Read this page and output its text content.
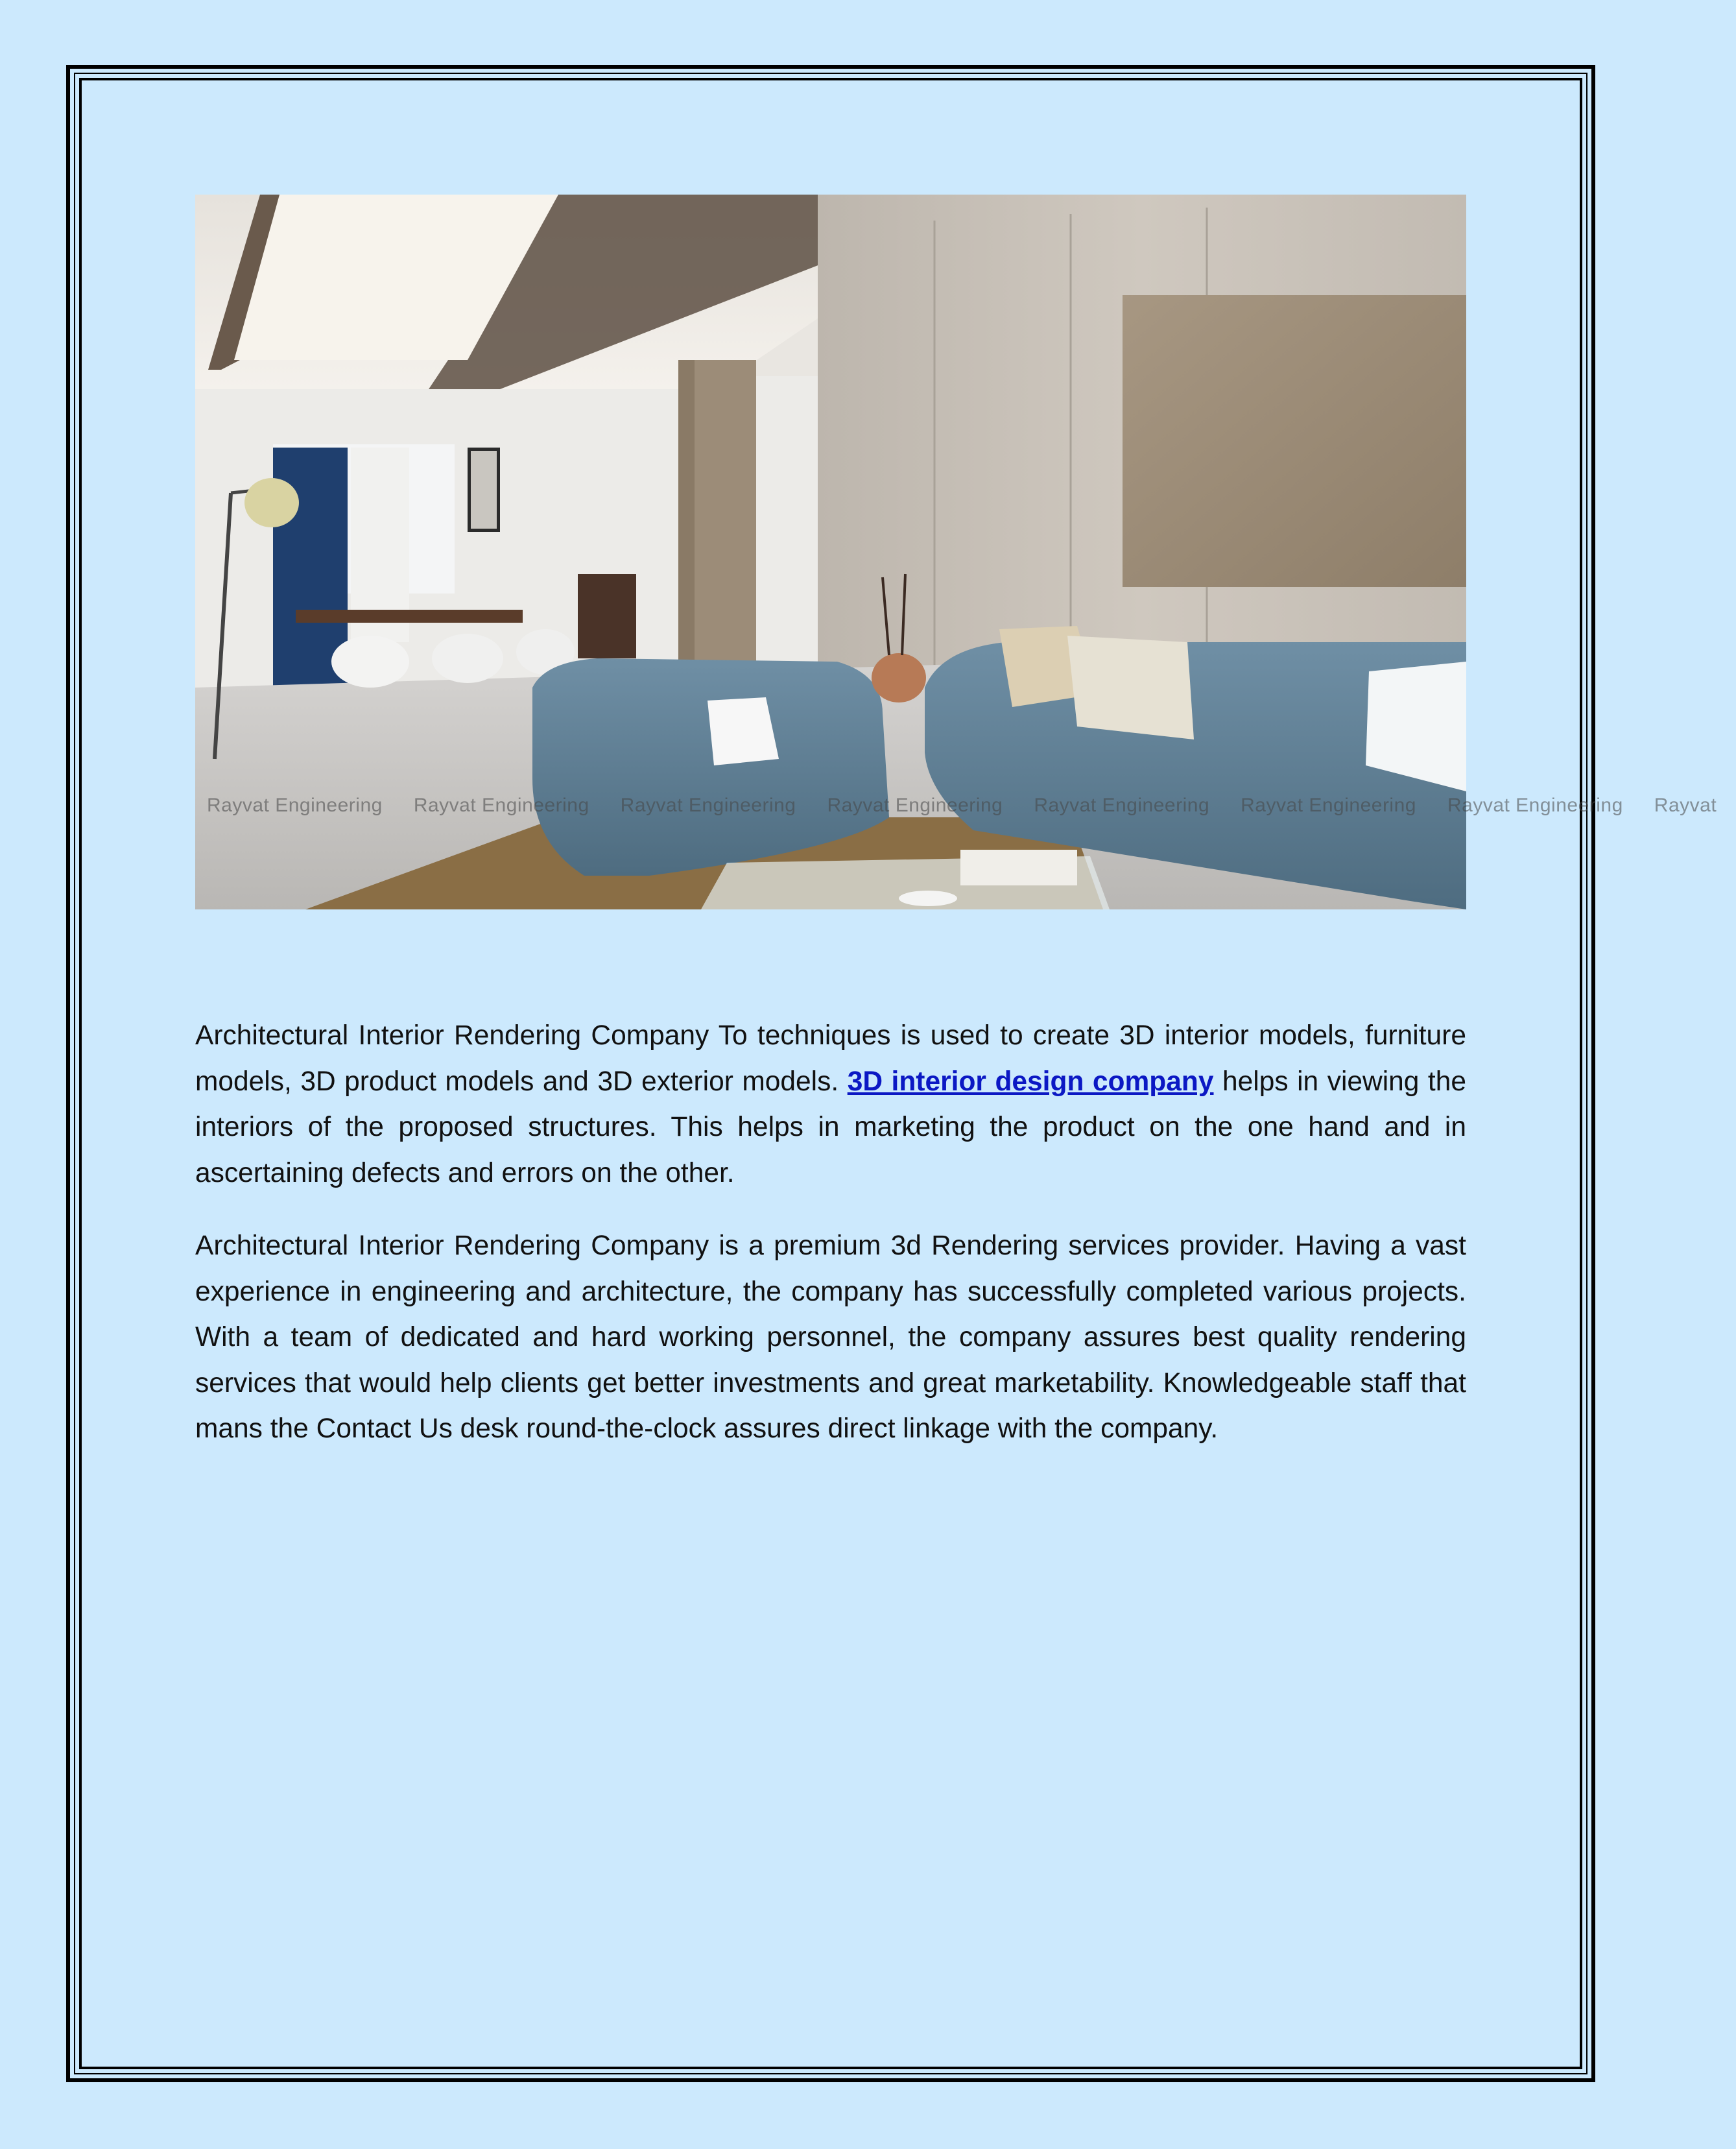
Rayvat Engineering Rayvat Engineering Rayvat Engineering Rayvat Engineering Rayvat Engineering Rayvat Engineering Rayvat Engineering Rayvat

Architectural Interior Rendering Company To techniques is used to create 3D interior models, furniture models, 3D product models and 3D exterior models. 3D interior design company helps in viewing the interiors of the proposed structures. This helps in marketing the product on the one hand and in ascertaining defects and errors on the other.

Architectural Interior Rendering Company is a premium 3d Rendering services provider. Having a vast experience in engineering and architecture, the company has successfully completed various projects. With a team of dedicated and hard working personnel, the company assures best quality rendering services that would help clients get better investments and great marketability. Knowledgeable staff that mans the Contact Us desk round-the-clock assures direct linkage with the company.
